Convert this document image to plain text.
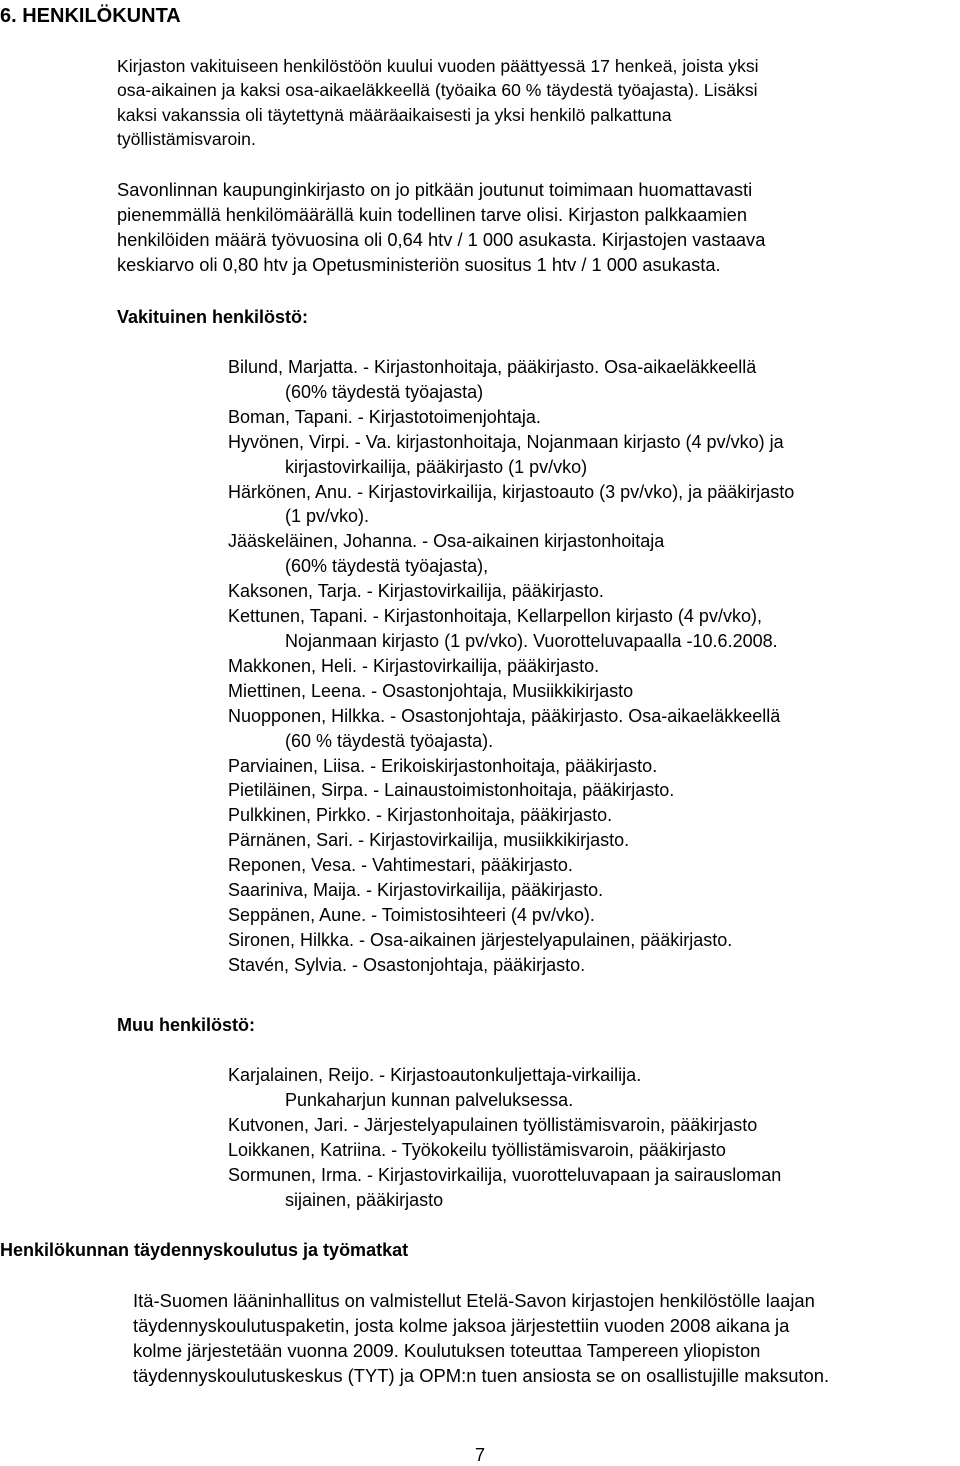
6. HENKILÖKUNTA
Kirjaston vakituiseen henkilöstöön kuului vuoden päättyessä 17 henkeä, joista yksi
osa-aikainen ja kaksi osa-aikaeläkkeellä (työaika 60 % täydestä työajasta). Lisäksi
kaksi vakanssia oli täytettynä määräaikaisesti ja yksi henkilö palkattuna
työllistämisvaroin.
Savonlinnan kaupunginkirjasto on jo pitkään joutunut toimimaan huomattavasti
pienemmällä henkilömäärällä kuin todellinen tarve olisi. Kirjaston palkkaamien
henkilöiden määrä työvuosina oli 0,64 htv / 1 000 asukasta. Kirjastojen vastaava
keskiarvo oli 0,80 htv ja Opetusministeriön suositus 1 htv / 1 000 asukasta.
Vakituinen henkilöstö:
Bilund, Marjatta. - Kirjastonhoitaja, pääkirjasto. Osa-aikaeläkkeellä
(60% täydestä työajasta)
Boman, Tapani. - Kirjastotoimenjohtaja.
Hyvönen, Virpi. - Va. kirjastonhoitaja, Nojanmaan kirjasto (4 pv/vko) ja
kirjastovirkailija, pääkirjasto (1 pv/vko)
Härkönen, Anu. - Kirjastovirkailija, kirjastoauto (3 pv/vko), ja pääkirjasto
(1 pv/vko).
Jääskeläinen, Johanna. - Osa-aikainen kirjastonhoitaja
(60% täydestä työajasta),
Kaksonen, Tarja. - Kirjastovirkailija, pääkirjasto.
Kettunen, Tapani. - Kirjastonhoitaja, Kellarpellon kirjasto (4 pv/vko),
Nojanmaan kirjasto (1 pv/vko). Vuorotteluvapaalla -10.6.2008.
Makkonen, Heli. - Kirjastovirkailija, pääkirjasto.
Miettinen, Leena. - Osastonjohtaja, Musiikkikirjasto
Nuopponen, Hilkka. - Osastonjohtaja, pääkirjasto. Osa-aikaeläkkeellä
(60 % täydestä työajasta).
Parviainen, Liisa. - Erikoiskirjastonhoitaja, pääkirjasto.
Pietiläinen, Sirpa. - Lainaustoimistonhoitaja, pääkirjasto.
Pulkkinen, Pirkko. - Kirjastonhoitaja, pääkirjasto.
Pärnänen, Sari. - Kirjastovirkailija, musiikkikirjasto.
Reponen, Vesa. - Vahtimestari, pääkirjasto.
Saariniva, Maija. - Kirjastovirkailija, pääkirjasto.
Seppänen, Aune. - Toimistosihteeri (4 pv/vko).
Sironen, Hilkka. - Osa-aikainen järjestelyapulainen, pääkirjasto.
Stavén, Sylvia. - Osastonjohtaja, pääkirjasto.
Muu henkilöstö:
Karjalainen, Reijo. - Kirjastoautonkuljettaja-virkailija.
Punkaharjun kunnan palveluksessa.
Kutvonen, Jari. - Järjestelyapulainen työllistämisvaroin, pääkirjasto
Loikkanen, Katriina. - Työkokeilu työllistämisvaroin, pääkirjasto
Sormunen, Irma. - Kirjastovirkailija, vuorotteluvapaan ja sairausloman
sijainen, pääkirjasto
Henkilökunnan täydennyskoulutus ja työmatkat
Itä-Suomen lääninhallitus on valmistellut Etelä-Savon kirjastojen henkilöstölle laajan
täydennyskoulutuspaketin, josta kolme jaksoa järjestettiin vuoden 2008 aikana ja
kolme järjestetään vuonna 2009. Koulutuksen toteuttaa Tampereen yliopiston
täydennyskoulutuskeskus (TYT) ja OPM:n tuen ansiosta se on osallistujille maksuton.
7
